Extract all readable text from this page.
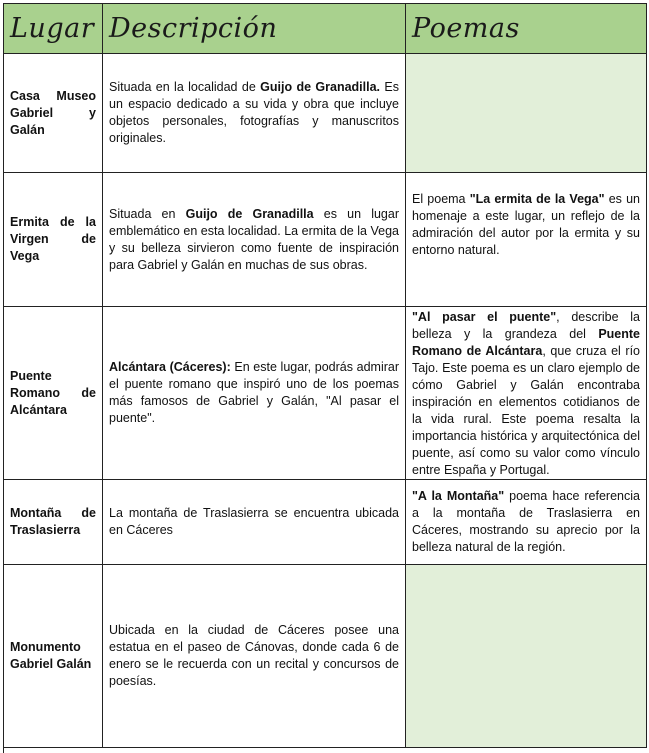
Lugar	Descripción	Poemas
Casa Museo Gabriel y Galán	Situada en la localidad de Guijo de Granadilla. Es un espacio dedicado a su vida y obra que incluye objetos personales, fotografías y manuscritos originales.	
Ermita de la Virgen de Vega	Situada en Guijo de Granadilla es un lugar emblemático en esta localidad. La ermita de la Vega y su belleza sirvieron como fuente de inspiración para Gabriel y Galán en muchas de sus obras.	El poema "La ermita de la Vega" es un homenaje a este lugar, un reflejo de la admiración del autor por la ermita y su entorno natural.
Puente Romano de Alcántara	Alcántara (Cáceres): En este lugar, podrás admirar el puente romano que inspiró uno de los poemas más famosos de Gabriel y Galán, "Al pasar el puente".	"Al pasar el puente", describe la belleza y la grandeza del Puente Romano de Alcántara, que cruza el río Tajo. Este poema es un claro ejemplo de cómo Gabriel y Galán encontraba inspiración en elementos cotidianos de la vida rural. Este poema resalta la importancia histórica y arquitectónica del puente, así como su valor como vínculo entre España y Portugal.
Montaña de Traslasierra	La montaña de Traslasierra se encuentra ubicada en Cáceres	"A la Montaña" poema hace referencia a la montaña de Traslasierra en Cáceres, mostrando su aprecio por la belleza natural de la región.
Monumento Gabriel Galán	Ubicada en la ciudad de Cáceres posee una estatua en el paseo de Cánovas, donde cada 6 de enero se le recuerda con un recital y concursos de poesías.	
